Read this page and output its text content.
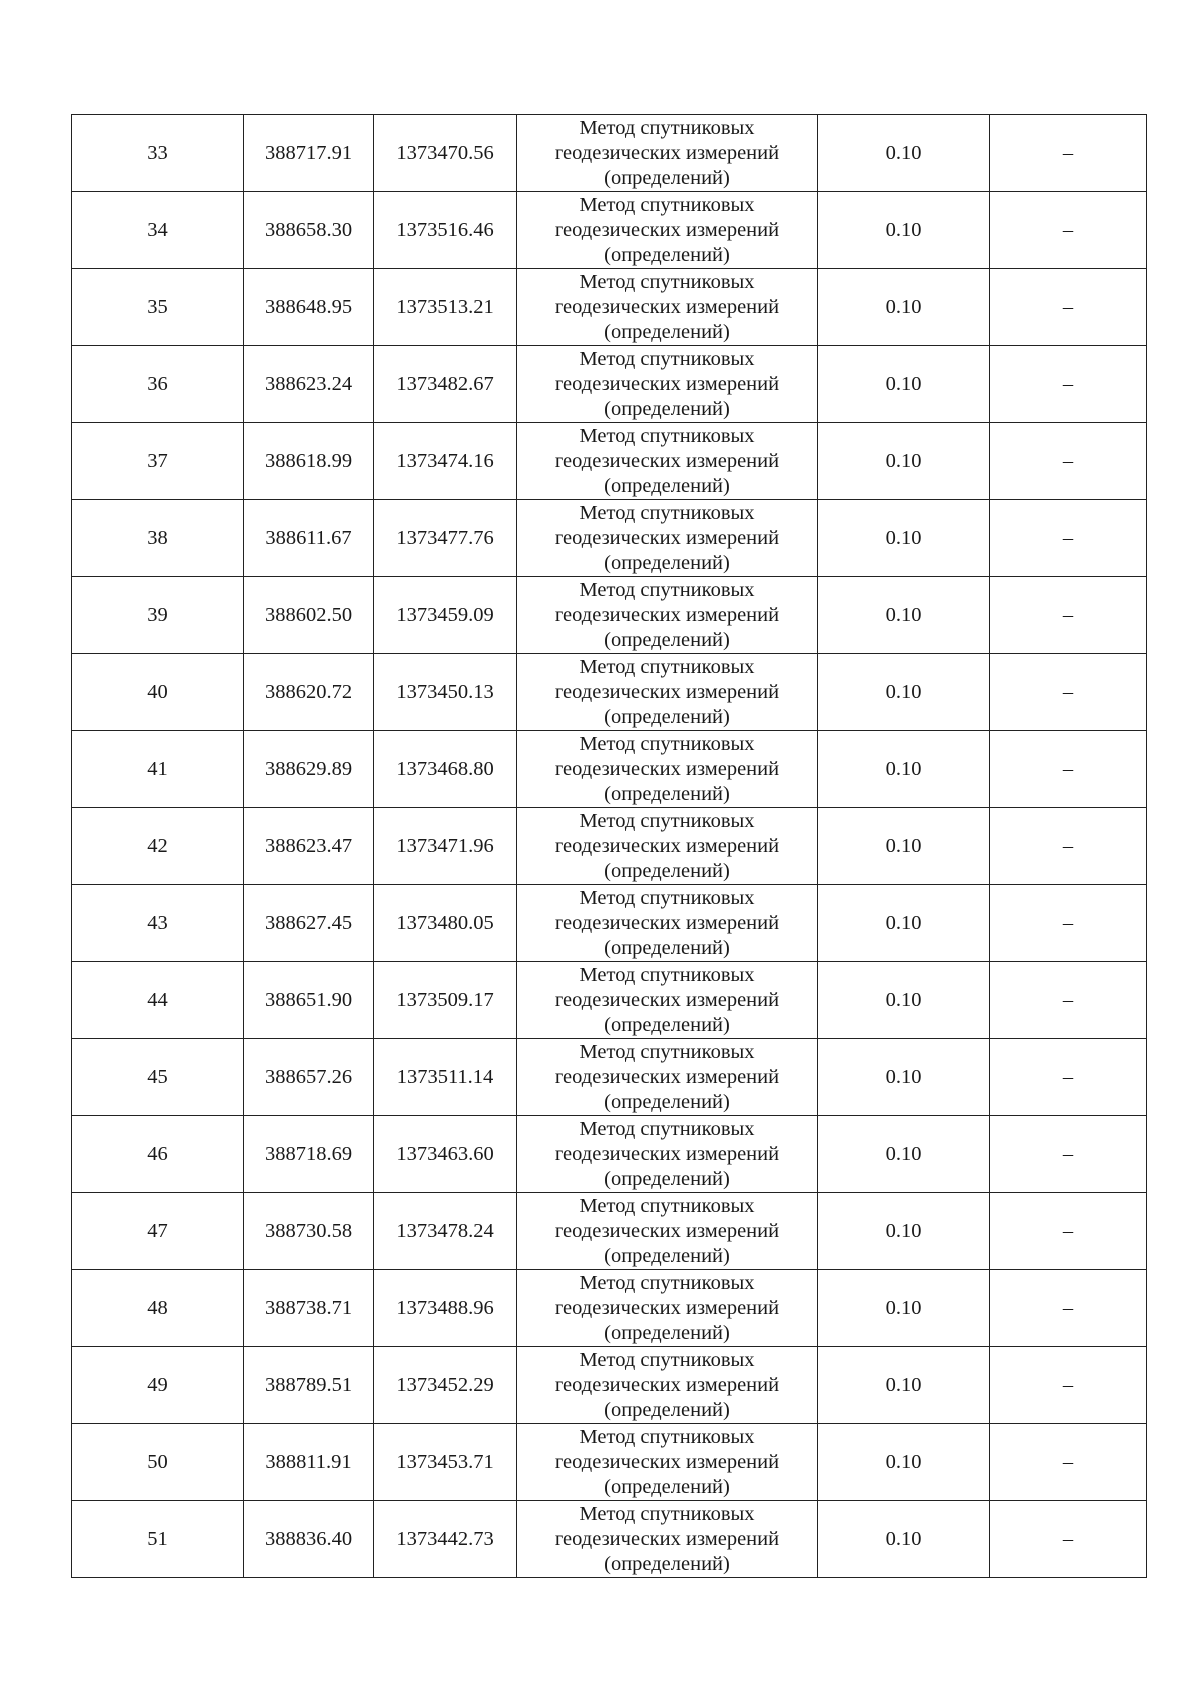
33	388717.91	1373470.56	Метод спутниковых
геодезических измерений
(определений)	0.10	–
34	388658.30	1373516.46	Метод спутниковых
геодезических измерений
(определений)	0.10	–
35	388648.95	1373513.21	Метод спутниковых
геодезических измерений
(определений)	0.10	–
36	388623.24	1373482.67	Метод спутниковых
геодезических измерений
(определений)	0.10	–
37	388618.99	1373474.16	Метод спутниковых
геодезических измерений
(определений)	0.10	–
38	388611.67	1373477.76	Метод спутниковых
геодезических измерений
(определений)	0.10	–
39	388602.50	1373459.09	Метод спутниковых
геодезических измерений
(определений)	0.10	–
40	388620.72	1373450.13	Метод спутниковых
геодезических измерений
(определений)	0.10	–
41	388629.89	1373468.80	Метод спутниковых
геодезических измерений
(определений)	0.10	–
42	388623.47	1373471.96	Метод спутниковых
геодезических измерений
(определений)	0.10	–
43	388627.45	1373480.05	Метод спутниковых
геодезических измерений
(определений)	0.10	–
44	388651.90	1373509.17	Метод спутниковых
геодезических измерений
(определений)	0.10	–
45	388657.26	1373511.14	Метод спутниковых
геодезических измерений
(определений)	0.10	–
46	388718.69	1373463.60	Метод спутниковых
геодезических измерений
(определений)	0.10	–
47	388730.58	1373478.24	Метод спутниковых
геодезических измерений
(определений)	0.10	–
48	388738.71	1373488.96	Метод спутниковых
геодезических измерений
(определений)	0.10	–
49	388789.51	1373452.29	Метод спутниковых
геодезических измерений
(определений)	0.10	–
50	388811.91	1373453.71	Метод спутниковых
геодезических измерений
(определений)	0.10	–
51	388836.40	1373442.73	Метод спутниковых
геодезических измерений
(определений)	0.10	–
